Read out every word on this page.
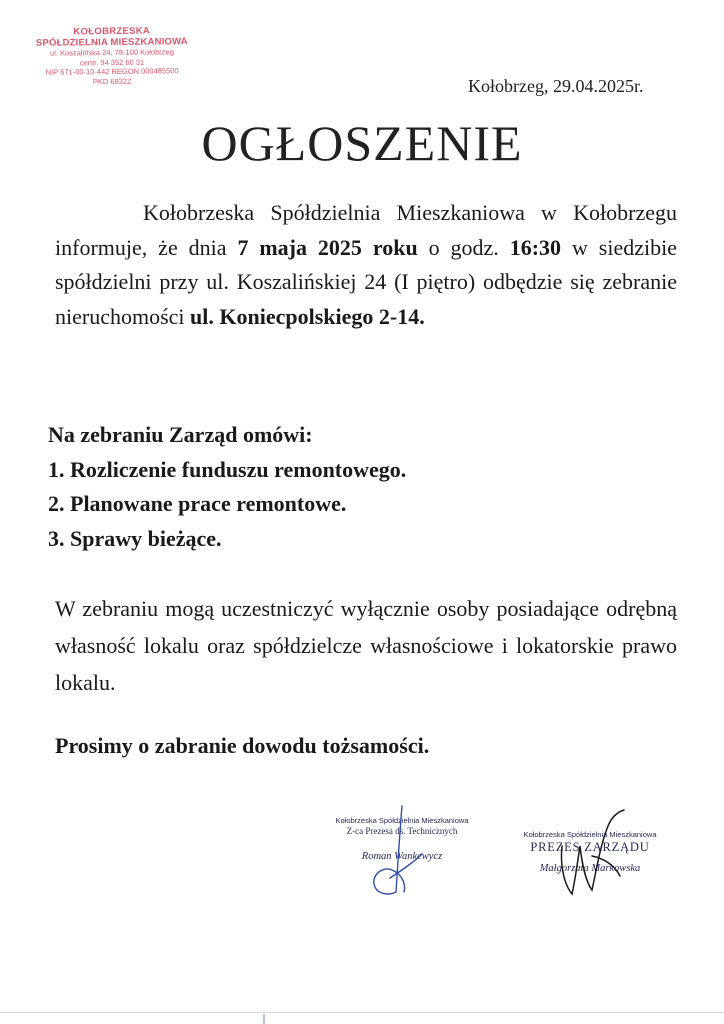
KOŁOBRZESKA
SPÓŁDZIELNIA MIESZKANIOWA
ul. Koszalińska 24, 78-100 Kołobrzeg
centr. 94 352 60 31
NIP 671-00-10-442 REGON 000485500
PKD 6832Z	Kołobrzeg, 29.04.2025r.
OGŁOSZENIE

Kołobrzeska Spółdzielnia Mieszkaniowa w Kołobrzegu informuje, że dnia 7 maja 2025 roku o godz. 16:30 w siedzibie spółdzielni przy ul. Koszalińskiej 24 (I piętro) odbędzie się zebranie nieruchomości ul. Koniecpolskiego 2-14.

Na zebraniu Zarząd omówi:
1. Rozliczenie funduszu remontowego.
2. Planowane prace remontowe.
3. Sprawy bieżące.

W zebraniu mogą uczestniczyć wyłącznie osoby posiadające odrębną własność lokalu oraz spółdzielcze własnościowe i lokatorskie prawo lokalu.

Prosimy o zabranie dowodu tożsamości.
Kołobrzeska Spółdzielnia Mieszkaniowa
Z-ca Prezesa ds. Technicznych
Roman Wankewycz
Kołobrzeska Spółdzielnia Mieszkaniowa
PREZES ZARZĄDU
Małgorzata Markowska
